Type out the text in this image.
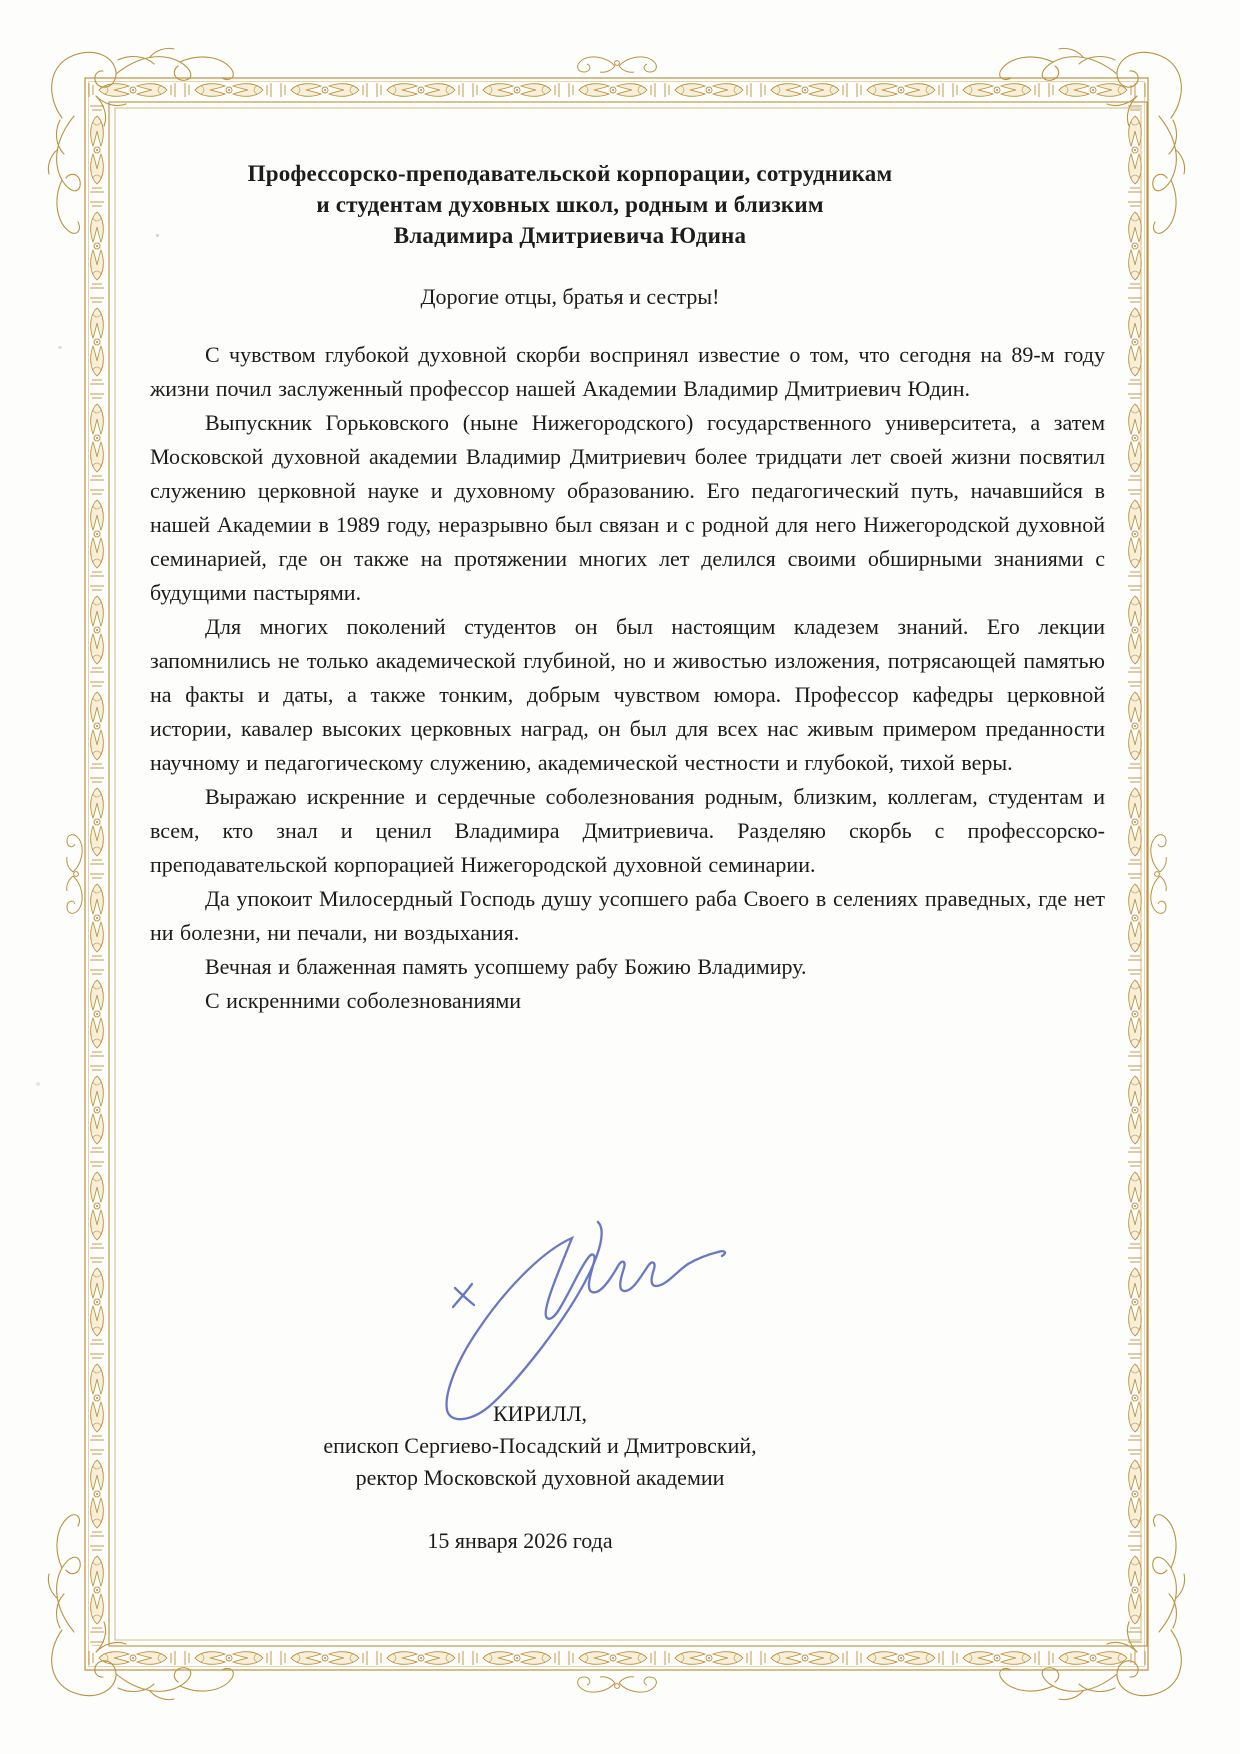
Профессорско-преподавательской корпорации, сотрудникам
и студентам духовных школ, родным и близким
Владимира Дмитриевича Юдина
Дорогие отцы, братья и сестры!

С чувством глубокой духовной скорби воспринял известие о том, что сегодня на 89-м году жизни почил заслуженный профессор нашей Академии Владимир Дмитриевич Юдин.

Выпускник Горьковского (ныне Нижегородского) государственного университета, а затем Московской духовной академии Владимир Дмитриевич более тридцати лет своей жизни посвятил служению церковной науке и духовному образованию. Его педагогический путь, начавшийся в нашей Академии в 1989 году, неразрывно был связан и с родной для него Нижегородской духовной семинарией, где он также на протяжении многих лет делился своими обширными знаниями с будущими пастырями.

Для многих поколений студентов он был настоящим кладезем знаний. Его лекции запомнились не только академической глубиной, но и живостью изложения, потрясающей памятью на факты и даты, а также тонким, добрым чувством юмора. Профессор кафедры церковной истории, кавалер высоких церковных наград, он был для всех нас живым примером преданности научному и педагогическому служению, академической честности и глубокой, тихой веры.

Выражаю искренние и сердечные соболезнования родным, близким, коллегам, студентам и всем, кто знал и ценил Владимира Дмитриевича. Разделяю скорбь с профессорско-преподавательской корпорацией Нижегородской духовной семинарии.

Да упокоит Милосердный Господь душу усопшего раба Своего в селениях праведных, где нет ни болезни, ни печали, ни воздыхания.

Вечная и блаженная память усопшему рабу Божию Владимиру.

С искренними соболезнованиями

КИРИЛЛ,
епископ Сергиево-Посадский и Дмитровский,
ректор Московской духовной академии
15 января 2026 года
